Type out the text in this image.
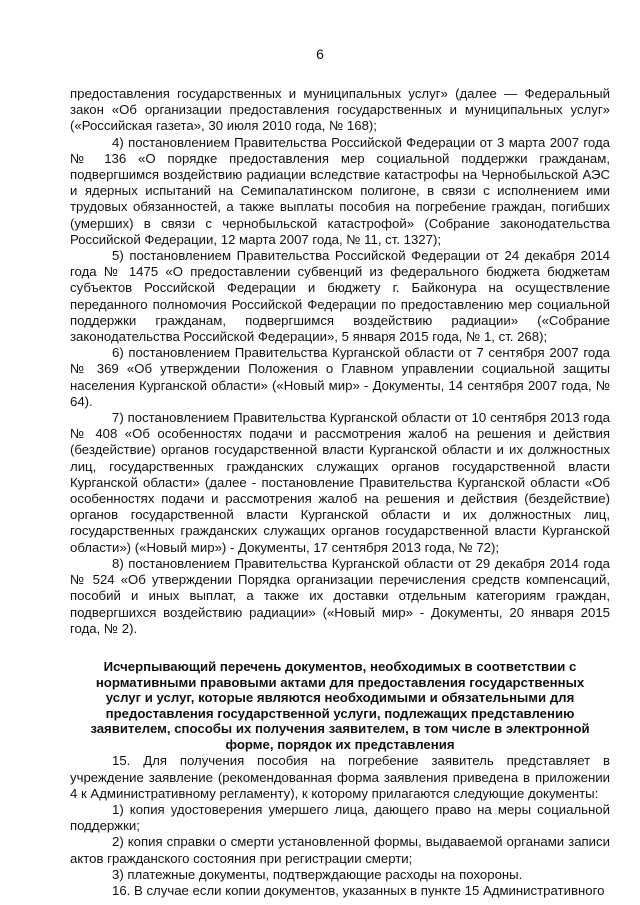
6

предоставления государственных и муниципальных услуг» (далее — Федеральный закон «Об организации предоставления государственных и муниципальных услуг» («Российская газета», 30 июля 2010 года, № 168);

4) постановлением Правительства Российской Федерации от 3 марта 2007 года № 136 «О порядке предоставления мер социальной поддержки гражданам, подвергшимся воздействию радиации вследствие катастрофы на Чернобыльской АЭС и ядерных испытаний на Семипалатинском полигоне, в связи с исполнением ими трудовых обязанностей, а также выплаты пособия на погребение граждан, погибших (умерших) в связи с чернобыльской катастрофой» (Собрание законодательства Российской Федерации, 12 марта 2007 года, № 11, ст. 1327);

5) постановлением Правительства Российской Федерации от 24 декабря 2014 года № 1475 «О предоставлении субвенций из федерального бюджета бюджетам субъектов Российской Федерации и бюджету г. Байконура на осуществление переданного полномочия Российской Федерации по предоставлению мер социальной поддержки гражданам, подвергшимся воздействию радиации» («Собрание законодательства Российской Федерации», 5 января 2015 года, № 1, ст. 268);

6) постановлением Правительства Курганской области от 7 сентября 2007 года № 369 «Об утверждении Положения о Главном управлении социальной защиты населения Курганской области» («Новый мир» - Документы, 14 сентября 2007 года, № 64).

7) постановлением Правительства Курганской области от 10 сентября 2013 года № 408 «Об особенностях подачи и рассмотрения жалоб на решения и действия (бездействие) органов государственной власти Курганской области и их должностных лиц, государственных гражданских служащих органов государственной власти Курганской области» (далее - постановление Правительства Курганской области «Об особенностях подачи и рассмотрения жалоб на решения и действия (бездействие) органов государственной власти Курганской области и их должностных лиц, государственных гражданских служащих органов государственной власти Курганской области») («Новый мир») - Документы, 17 сентября 2013 года, № 72);

8) постановлением Правительства Курганской области от 29 декабря 2014 года № 524 «Об утверждении Порядка организации перечисления средств компенсаций, пособий и иных выплат, а также их доставки отдельным категориям граждан, подвергшихся воздействию радиации» («Новый мир» - Документы, 20 января 2015 года, № 2).

Исчерпывающий перечень документов, необходимых в соответствии с нормативными правовыми актами для предоставления государственных услуг и услуг, которые являются необходимыми и обязательными для предоставления государственной услуги, подлежащих представлению заявителем, способы их получения заявителем, в том числе в электронной форме, порядок их представления

15. Для получения пособия на погребение заявитель представляет в учреждение заявление (рекомендованная форма заявления приведена в приложении 4 к Административному регламенту), к которому прилагаются следующие документы:

1) копия удостоверения умершего лица, дающего право на меры социальной поддержки;

2) копия справки о смерти установленной формы, выдаваемой органами записи актов гражданского состояния при регистрации смерти;

3) платежные документы, подтверждающие расходы на похороны.

16. В случае если копии документов, указанных в пункте 15 Административного
